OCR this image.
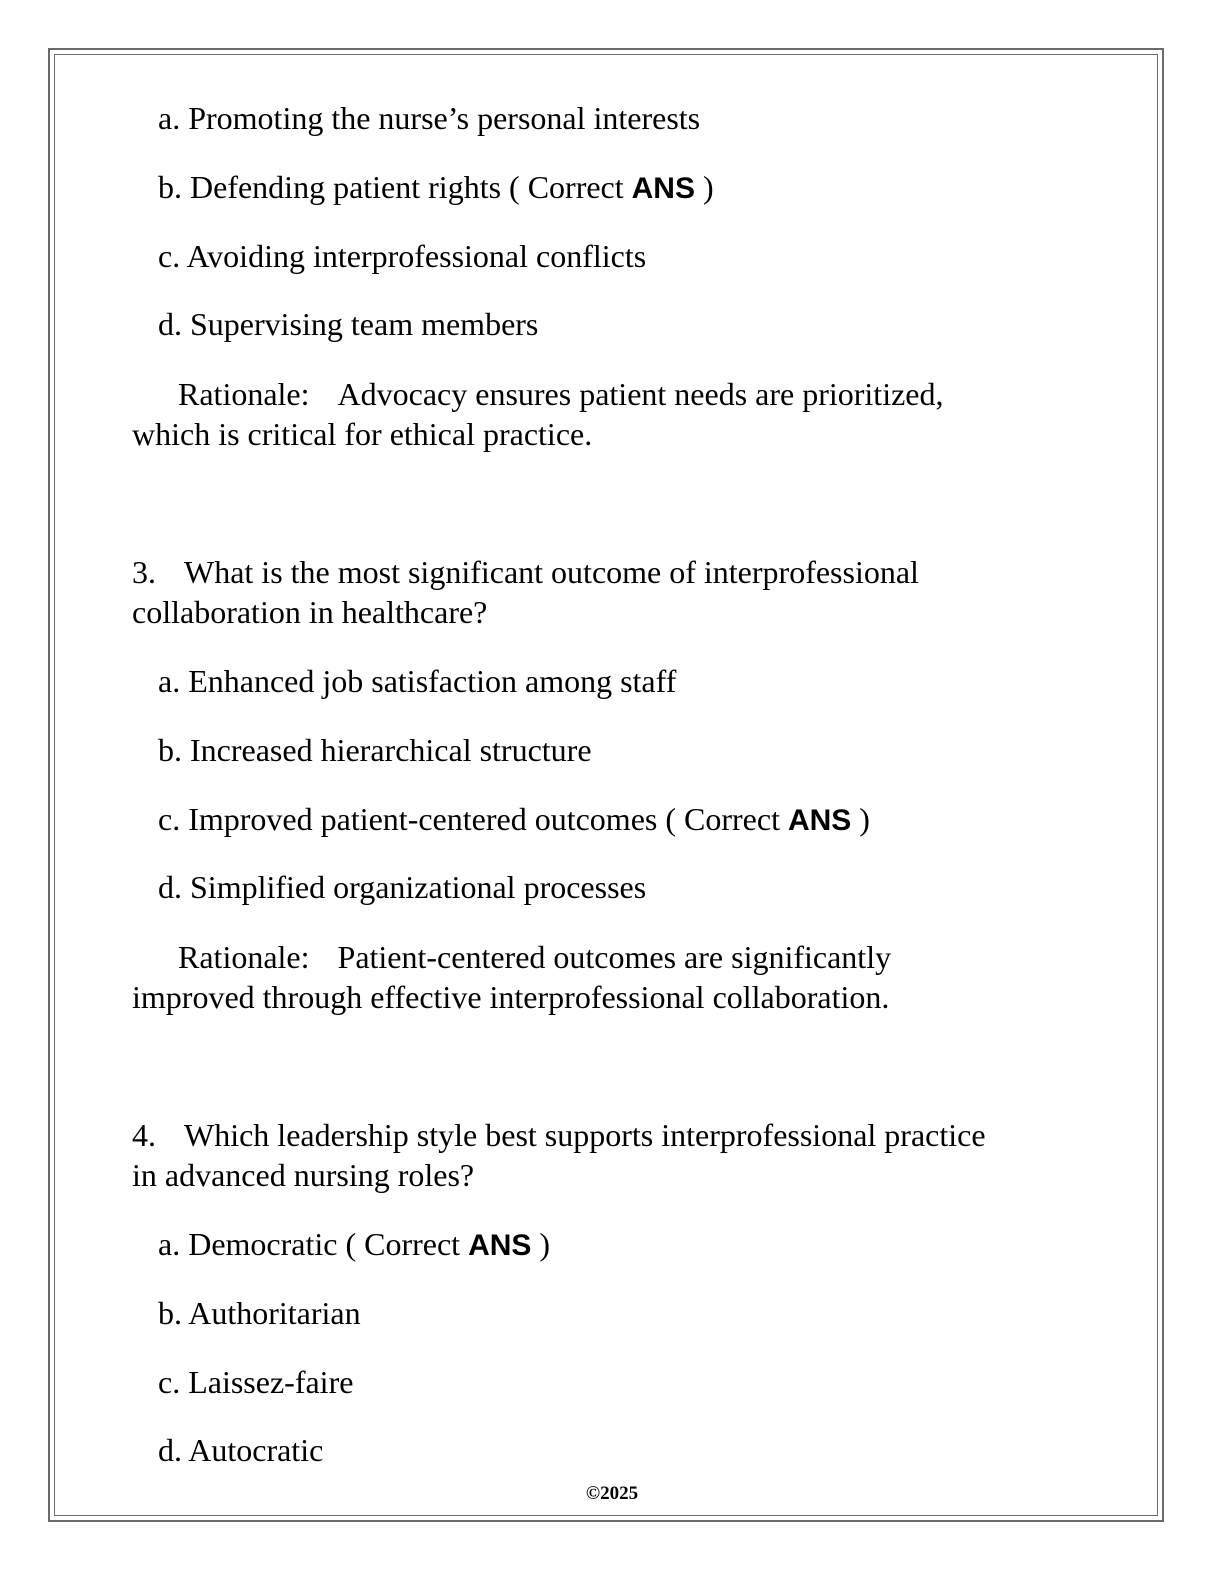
a. Promoting the nurse’s personal interests
b. Defending patient rights ( Correct ANS )
c. Avoiding interprofessional conflicts
d. Supervising team members
Rationale: Advocacy ensures patient needs are prioritized,
which is critical for ethical practice.
3. What is the most significant outcome of interprofessional
collaboration in healthcare?
a. Enhanced job satisfaction among staff
b. Increased hierarchical structure
c. Improved patient-centered outcomes ( Correct ANS )
d. Simplified organizational processes
Rationale: Patient-centered outcomes are significantly
improved through effective interprofessional collaboration.
4. Which leadership style best supports interprofessional practice
in advanced nursing roles?
a. Democratic ( Correct ANS )
b. Authoritarian
c. Laissez-faire
d. Autocratic
©2025
